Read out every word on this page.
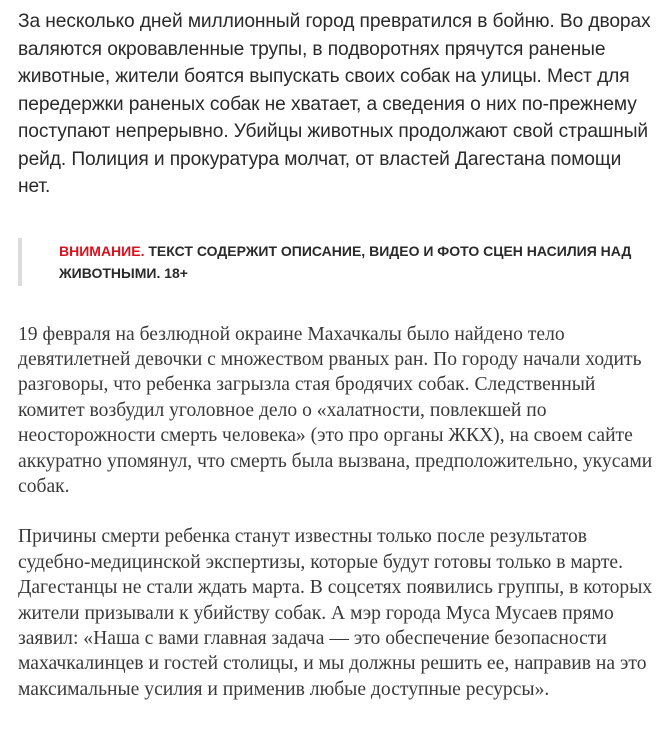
За несколько дней миллионный город превратился в бойню. Во дворах валяются окровавленные трупы, в подворотнях прячутся раненые животные, жители боятся выпускать своих собак на улицы. Мест для передержки раненых собак не хватает, а сведения о них по-прежнему поступают непрерывно. Убийцы животных продолжают свой страшный рейд. Полиция и прокуратура молчат, от властей Дагестана помощи нет.

ВНИМАНИЕ. ТЕКСТ СОДЕРЖИТ ОПИСАНИЕ, ВИДЕО И ФОТО СЦЕН НАСИЛИЯ НАД ЖИВОТНЫМИ. 18+

19 февраля на безлюдной окраине Махачкалы было найдено тело девятилетней девочки с множеством рваных ран. По городу начали ходить разговоры, что ребенка загрызла стая бродячих собак. Следственный комитет возбудил уголовное дело о «халатности, повлекшей по неосторожности смерть человека» (это про органы ЖКХ), на своем сайте аккуратно упомянул, что смерть была вызвана, предположительно, укусами собак.

Причины смерти ребенка станут известны только после результатов судебно-медицинской экспертизы, которые будут готовы только в марте. Дагестанцы не стали ждать марта. В соцсетях появились группы, в которых жители призывали к убийству собак. А мэр города Муса Мусаев прямо заявил: «Наша с вами главная задача — это обеспечение безопасности махачкалинцев и гостей столицы, и мы должны решить ее, направив на это максимальные усилия и применив любые доступные ресурсы».
